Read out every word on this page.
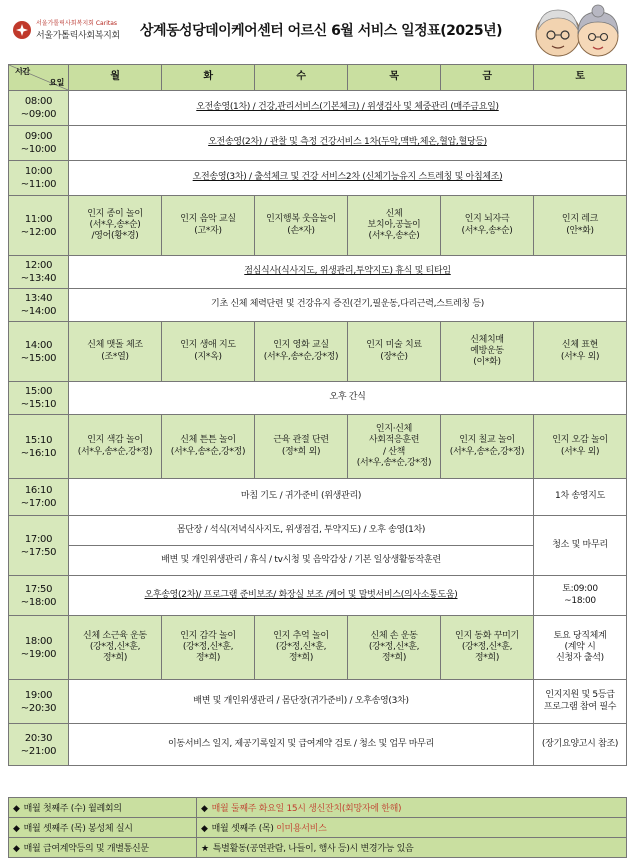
서울가톨릭사회복지회 Caritas
서울가톨릭사회복지회 상계동성당데이케어센터 어르신 6월 서비스 일정표(2025년)
시간
요일	월	화	수	목	금	토
08:00
~09:00	오전송영(1차) / 건강,관리서비스(기본체크) / 위생검사 및 체중관리 (매주금요일)					
09:00
~10:00	오전송영(2차) / 관찰 및 측정 건강서비스 1차(두악,맥박,체온,혈압,혈당등)					
10:00
~11:00	오전송영(3차) / 출석체크 및 건강 서비스2차 (신체기능유지 스트레칭 및 아침체조)					
11:00
~12:00	인지 종이 놀이
(서*우,송*순)
/영어(황*경)	인지 음악 교실
(고*자)	인지행복 웃음놀이
(손*자)	신체
보치아,공놀이
(서*우,송*순)	인지 뇌자극
(서*우,송*순)	인지 레크
(안*화)
12:00
~13:40	점심식사(식사지도, 위생관리,투약지도) 휴식 및 티타임					
13:40
~14:00	기초 신체 체력단련 및 건강유지 증진(걷기,필운동,다리근력,스트레칭 등)					
14:00
~15:00	신체 맷돌 체조
(조*열)	인지 생애 지도
(지*옥)	인지 영화 교실
(서*우,송*순,강*정)	인지 미술 치료
(장*순)	신체치매
예방운동
(이*화)	신체 표현
(서*우 외)
15:00
~15:10	오후 간식					
15:10
~16:10	인지 색감 놀이
(서*우,송*순,강*정)	신체 튼튼 놀이
(서*우,송*순,강*정)	근육 관절 단련
(정*희 외)	인지·신체
사회적응훈련
/ 산책
(서*우,송*순,강*정)	인지 칠교 놀이
(서*우,송*순,강*정)	인지 오감 놀이
(서*우 외)
16:10
~17:00	마침 기도 / 귀가준비 (위생관리)					1차 송영지도
17:00
~17:50	몸단장 / 석식(저녁식사지도, 위생점검, 투약지도) / 오후 송영(1차)					청소 및 마무리
	배변 및 개인위생관리 / 휴식 / tv시청 및 음악감상 / 기본 일상생활동작훈련					
17:50
~18:00	오후송영(2차)/ 프로그램 준비보조/ 화장실 보조 /케어 및 말벗서비스(의사소통도움)					토:09:00
~18:00
18:00
~19:00	신체 소근육 운동
(강*정,신*훈,
정*희)	인지 감각 놀이
(강*정,신*훈,
정*희)	인지 추억 놀이
(강*정,신*훈,
정*희)	신체 손 운동
(강*정,신*훈,
정*희)	인지 동화 꾸미기
(강*정,신*훈,
정*희)	토요 당직체계
(계약 시
신청자 출석)
19:00
~20:30	배변 및 개인위생관리 / 몸단장(귀가준비) / 오후송영(3차)					인지지원 및 5등급
프로그램 참여 필수
20:30
~21:00	이동서비스 일지, 제공기록일지 및 급여계약 검토 / 청소 및 업무 마무리					(장기요양고시 참조)
◆ 매월 첫째주 (수) 월례회의	◆ 매월 둘째주 화요일 15시 생신잔치(회망자에 한해)
◆ 매월 셋째주 (목) 봉성체 실시	◆ 매월 셋째주 (목) 이미용서비스
◆ 매월 급여계약등의 및 개별통신문	★ 특별활동(공연관람, 나들이, 행사 등)시 변경가능 있음
